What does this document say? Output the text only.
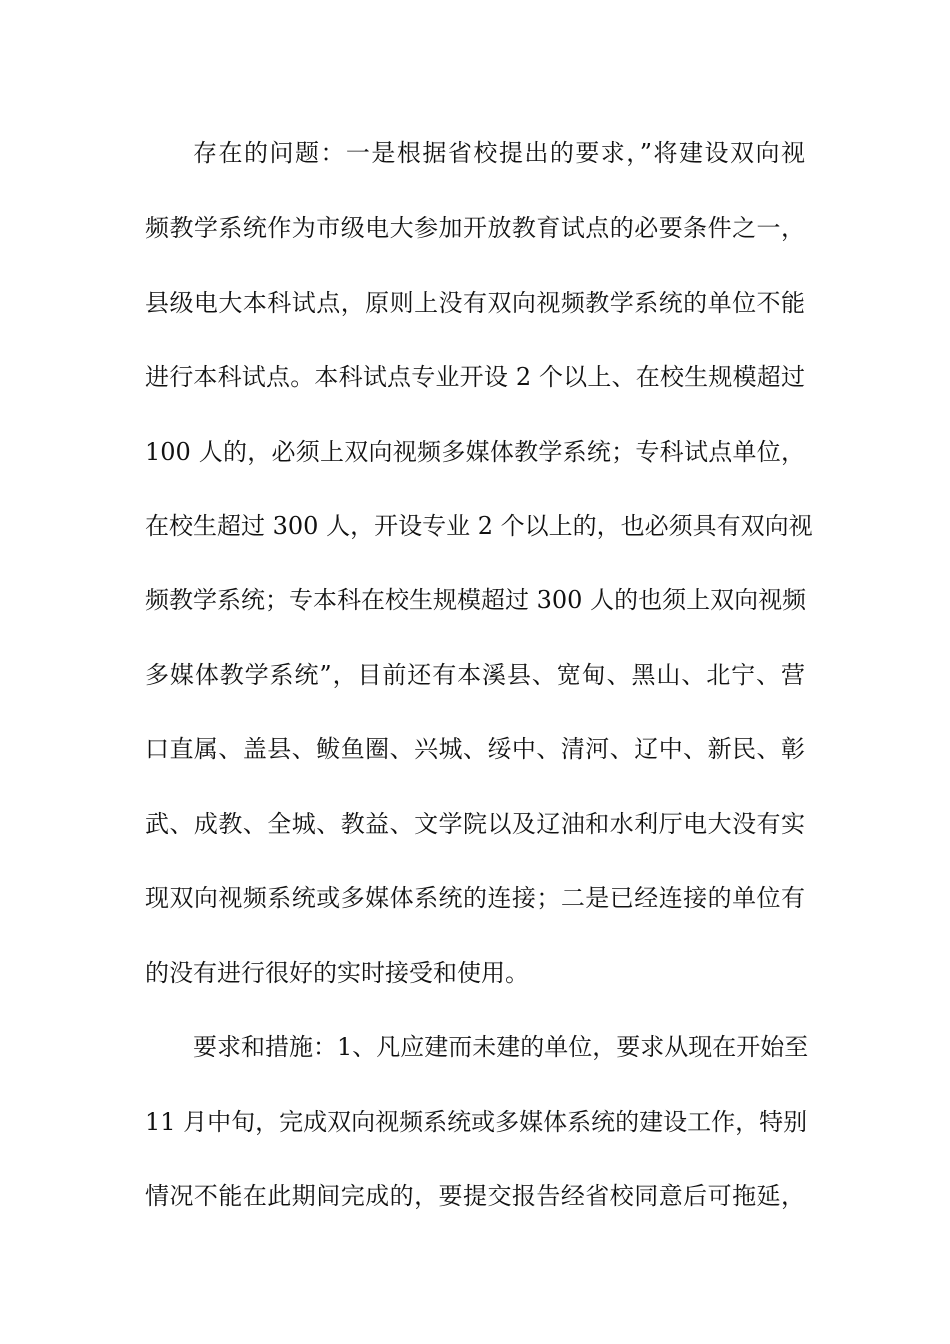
存在的问题：一是根据省校提出的要求，”将建设双向视
频教学系统作为市级电大参加开放教育试点的必要条件之一，
县级电大本科试点，原则上没有双向视频教学系统的单位不能
进行本科试点。本科试点专业开设 2 个以上、在校生规模超过
100 人的，必须上双向视频多媒体教学系统；专科试点单位，
在校生超过 300 人，开设专业 2 个以上的，也必须具有双向视
频教学系统；专本科在校生规模超过 300 人的也须上双向视频
多媒体教学系统”，目前还有本溪县、宽甸、黑山、北宁、营
口直属、盖县、鲅鱼圈、兴城、绥中、清河、辽中、新民、彰
武、成教、全城、教益、文学院以及辽油和水利厅电大没有实
现双向视频系统或多媒体系统的连接；二是已经连接的单位有
的没有进行很好的实时接受和使用。
要求和措施：1、凡应建而未建的单位，要求从现在开始至
11 月中旬，完成双向视频系统或多媒体系统的建设工作，特别
情况不能在此期间完成的，要提交报告经省校同意后可拖延，
